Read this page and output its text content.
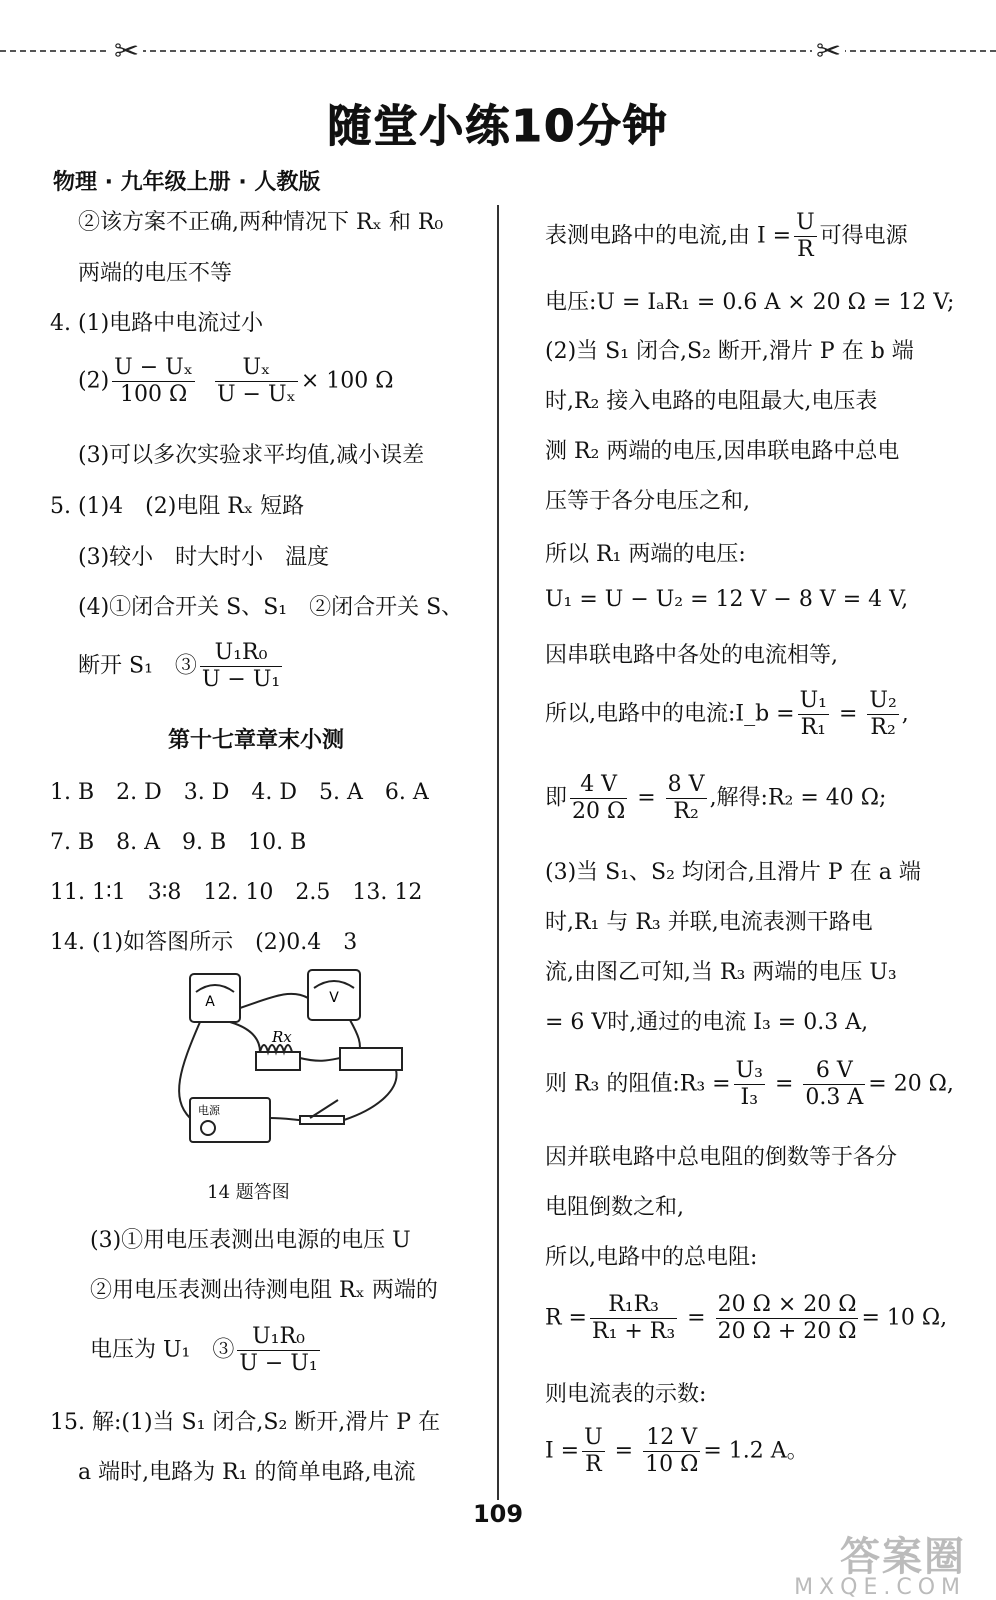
✂	✂
随堂小练10分钟
物理 · 九年级上册 · 人教版
②该方案不正确,两种情况下 Rₓ 和 R₀
两端的电压不等
4. (1)电路中电流过小
$(2) \frac{\text{U − Uₓ}}{100 \Omega}$
$\frac{\text{Uₓ}}{\text{U − Uₓ}} \times 100$ Ω
(3)可以多次实验求平均值,减小误差
5. (1)4　(2)电阻 Rₓ 短路
(3)较小　时大时小　温度
(4)①闭合开关 S、S₁　②闭合开关 S、
断开 S₁　③ $\frac{\text{U₁R₀}}{\text{U − U₁}}$
第十七章章末小测
1. B　2. D　3. D　4. D　5. A　6. A
7. B　8. A　9. B　10. B
11. 1∶1　3∶8　12. 10　2.5　13. 12
14. (1)如答图所示　(2)0.4　3
(3)①用电压表测出电源的电压 U
②用电压表测出待测电阻 Rₓ 两端的
电压为 U₁　③ $\frac{\text{U₁R₀}}{\text{U − U₁}}$
15. 解:(1)当 S₁ 闭合,S₂ 断开,滑片 P 在
a 端时,电路为 R₁ 的简单电路,电流
A	V
Rx
电源
14 题答图
表测电路中的电流,由 $I = \frac{U}{R}$ 可得电源
电压:U = IₐR₁ = 0.6 A × 20 Ω = 12 V;
(2)当 S₁ 闭合,S₂ 断开,滑片 P 在 b 端
时,R₂ 接入电路的电阻最大,电压表
测 R₂ 两端的电压,因串联电路中总电
压等于各分电压之和,
所以 R₁ 两端的电压:
U₁ = U − U₂ = 12 V − 8 V = 4 V,
因串联电路中各处的电流相等,
所以,电路中的电流:I_b = $\frac{\text{U₁}}{\text{R₁}} = \frac{\text{U₂}}{\text{R₂}}$ ,
即 $\frac{4 V}{20 \Omega} = \frac{8 V}{\text{R₂}}$ ,解得:R₂ = 40 Ω;
(3)当 S₁、S₂ 均闭合,且滑片 P 在 a 端
时,R₁ 与 R₃ 并联,电流表测干路电
流,由图乙可知,当 R₃ 两端的电压 U₃
= 6 V时,通过的电流 I₃ = 0.3 A,
则 R₃ 的阻值:R₃ = $\frac{\text{U₃}}{\text{I₃}} = \frac{6 V}{0.3 A} = 20$ Ω,
因并联电路中总电阻的倒数等于各分
电阻倒数之和,
所以,电路中的总电阻:
$R = \frac{\text{R₁R₃}}{\text{R₁ + R₃}} = \frac{20 \Omega \times 20 \Omega}{20 \Omega + 20 \Omega} = 10$ Ω,
则电流表的示数:
$I = \frac{U}{R} = \frac{12 V}{10 \Omega} = 1.2$ A。
109
答案圈
MXQE.COM
